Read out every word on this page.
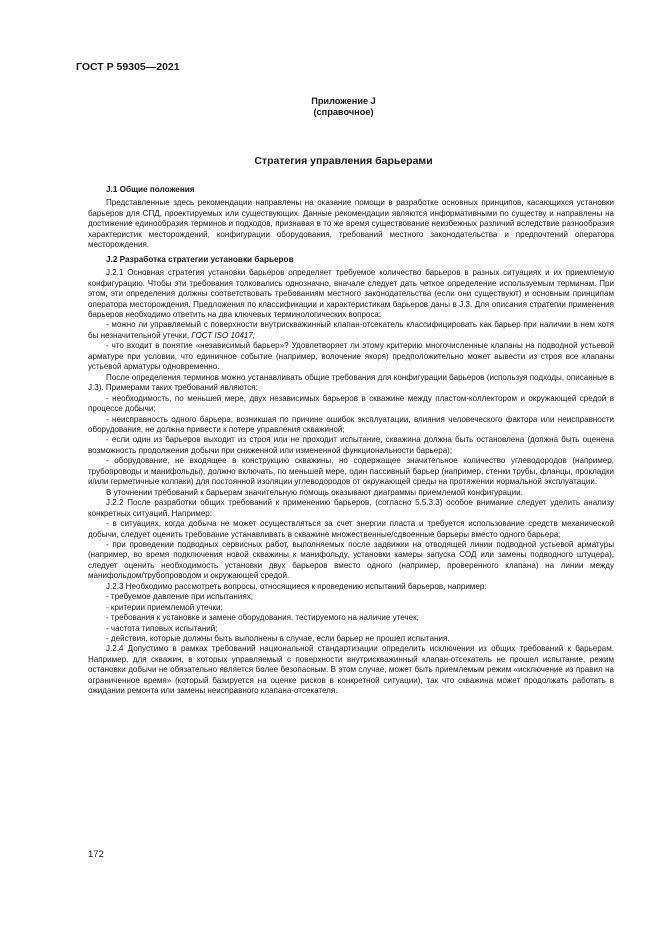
ГОСТ Р 59305—2021
Приложение J
(справочное)
Стратегия управления барьерами
J.1 Общие положения

Представленные здесь рекомендации направлены на оказание помощи в разработке основных принципов, касающихся установки барьеров для СПД, проектируемых или существующих. Данные рекомендации являются информативными по существу и направлены на достижение единообразия терминов и подходов, признавая в то же время существование неизбежных различий вследствие разнообразия характеристик месторождений, конфигурации оборудования, требований местного законодательства и предпочтений оператора месторождения.

J.2 Разработка стратегии установки барьеров

J.2.1 Основная стратегия установки барьеров определяет требуемое количество барьеров в разных ситуациях и их приемлемую конфигурацию. Чтобы эти требования толковались однозначно, вначале следует дать четкое определение используемым терминам. При этом, эти определения должны соответствовать требованиям местного законодательства (если они существуют) и основным принципам оператора месторождения. Предложения по классификации и характеристикам барьеров даны в J.3. Для описания стратегии применения барьеров необходимо ответить на два ключевых терминологических вопроса:

- можно ли управляемый с поверхности внутрискважинный клапан-отсекатель классифицировать как барьер при наличии в нем хотя бы незначительной утечки, ГОСТ ISO 10417;

- что входит в понятие «независимый барьер»? Удовлетворяет ли этому критерию многочисленные клапаны на подводной устьевой арматуре при условии, что единичное событие (например, волочение якоря) предположительно может вывести из строя все клапаны устьевой арматуры одновременно.

После определения терминов можно устанавливать общие требования для конфигурации барьеров (используя подходы, описанные в J.3). Примерами таких требований являются:

- необходимость, по меньшей мере, двух независимых барьеров в скважине между пластом-коллектором и окружающей средой в процессе добычи;

- неисправность одного барьера, возникшая по причине ошибок эксплуатации, влияния человеческого фактора или неисправности оборудования, не должна привести к потере управления скважиной;

- если один из барьеров выходит из строя или не проходит испытание, скважина должна быть остановлена (должна быть оценена возможность продолжения добычи при сниженной или измененной функциональности барьера);

- оборудование, не входящее в конструкцию скважины, но содержащее значительное количество углеводородов (например, трубопроводы и манифольды), должно включать, по меньшей мере, один пассивный барьер (например, стенки трубы, фланцы, прокладки и/или герметичные колпаки) для постоянной изоляции углеводородов от окружающей среды на протяжении нормальной эксплуатации.

В уточнении требований к барьерам значительную помощь оказывают диаграммы приемлемой конфигурации.

J.2.2 После разработки общих требований к применению барьеров, (согласно 5.5.3.3) особое внимание следует уделить анализу конкретных ситуаций. Например:

- в ситуациях, когда добыча не может осуществляться за счет энергии пласта и требуется использование средств механической добычи, следует оценить требование устанавливать в скважине множественные/сдвоенные барьеры вместо одного барьера;

- при проведении подводных сервисных работ, выполняемых после задвижки на отводящей линии подводной устьевой арматуры (например, во время подключения новой скважины к манифольду, установки камеры запуска СОД или замены подводного штуцера), следует оценить необходимость установки двух барьеров вместо одного (например, проверенного клапана) на линии между манифольдом/трубопроводом и окружающей средой.

J.2.3 Необходимо рассмотреть вопросы, относящиеся к проведению испытаний барьеров, например:

- требуемое давление при испытаниях;

- критерии приемлемой утечки;

- требования к установке и замене оборудования, тестируемого на наличие утечек;

- частота типовых испытаний;

- действия, которые должны быть выполнены в случае, если барьер не прошел испытания.

J.2.4 Допустимо в рамках требований национальной стандартизации определить исключения из общих требований к барьерам. Например, для скважин, в которых управляемый с поверхности внутрискважинный клапан-отсекатель не прошел испытание, режим остановки добычи не обязательно является более безопасным. В этом случае, может быть приемлемым режим «исключение из правил на ограниченное время» (который базируется на оценке рисков в конкретной ситуации), так что скважина может продолжать работать в ожидании ремонта или замены неисправного клапана-отсекателя.

172
